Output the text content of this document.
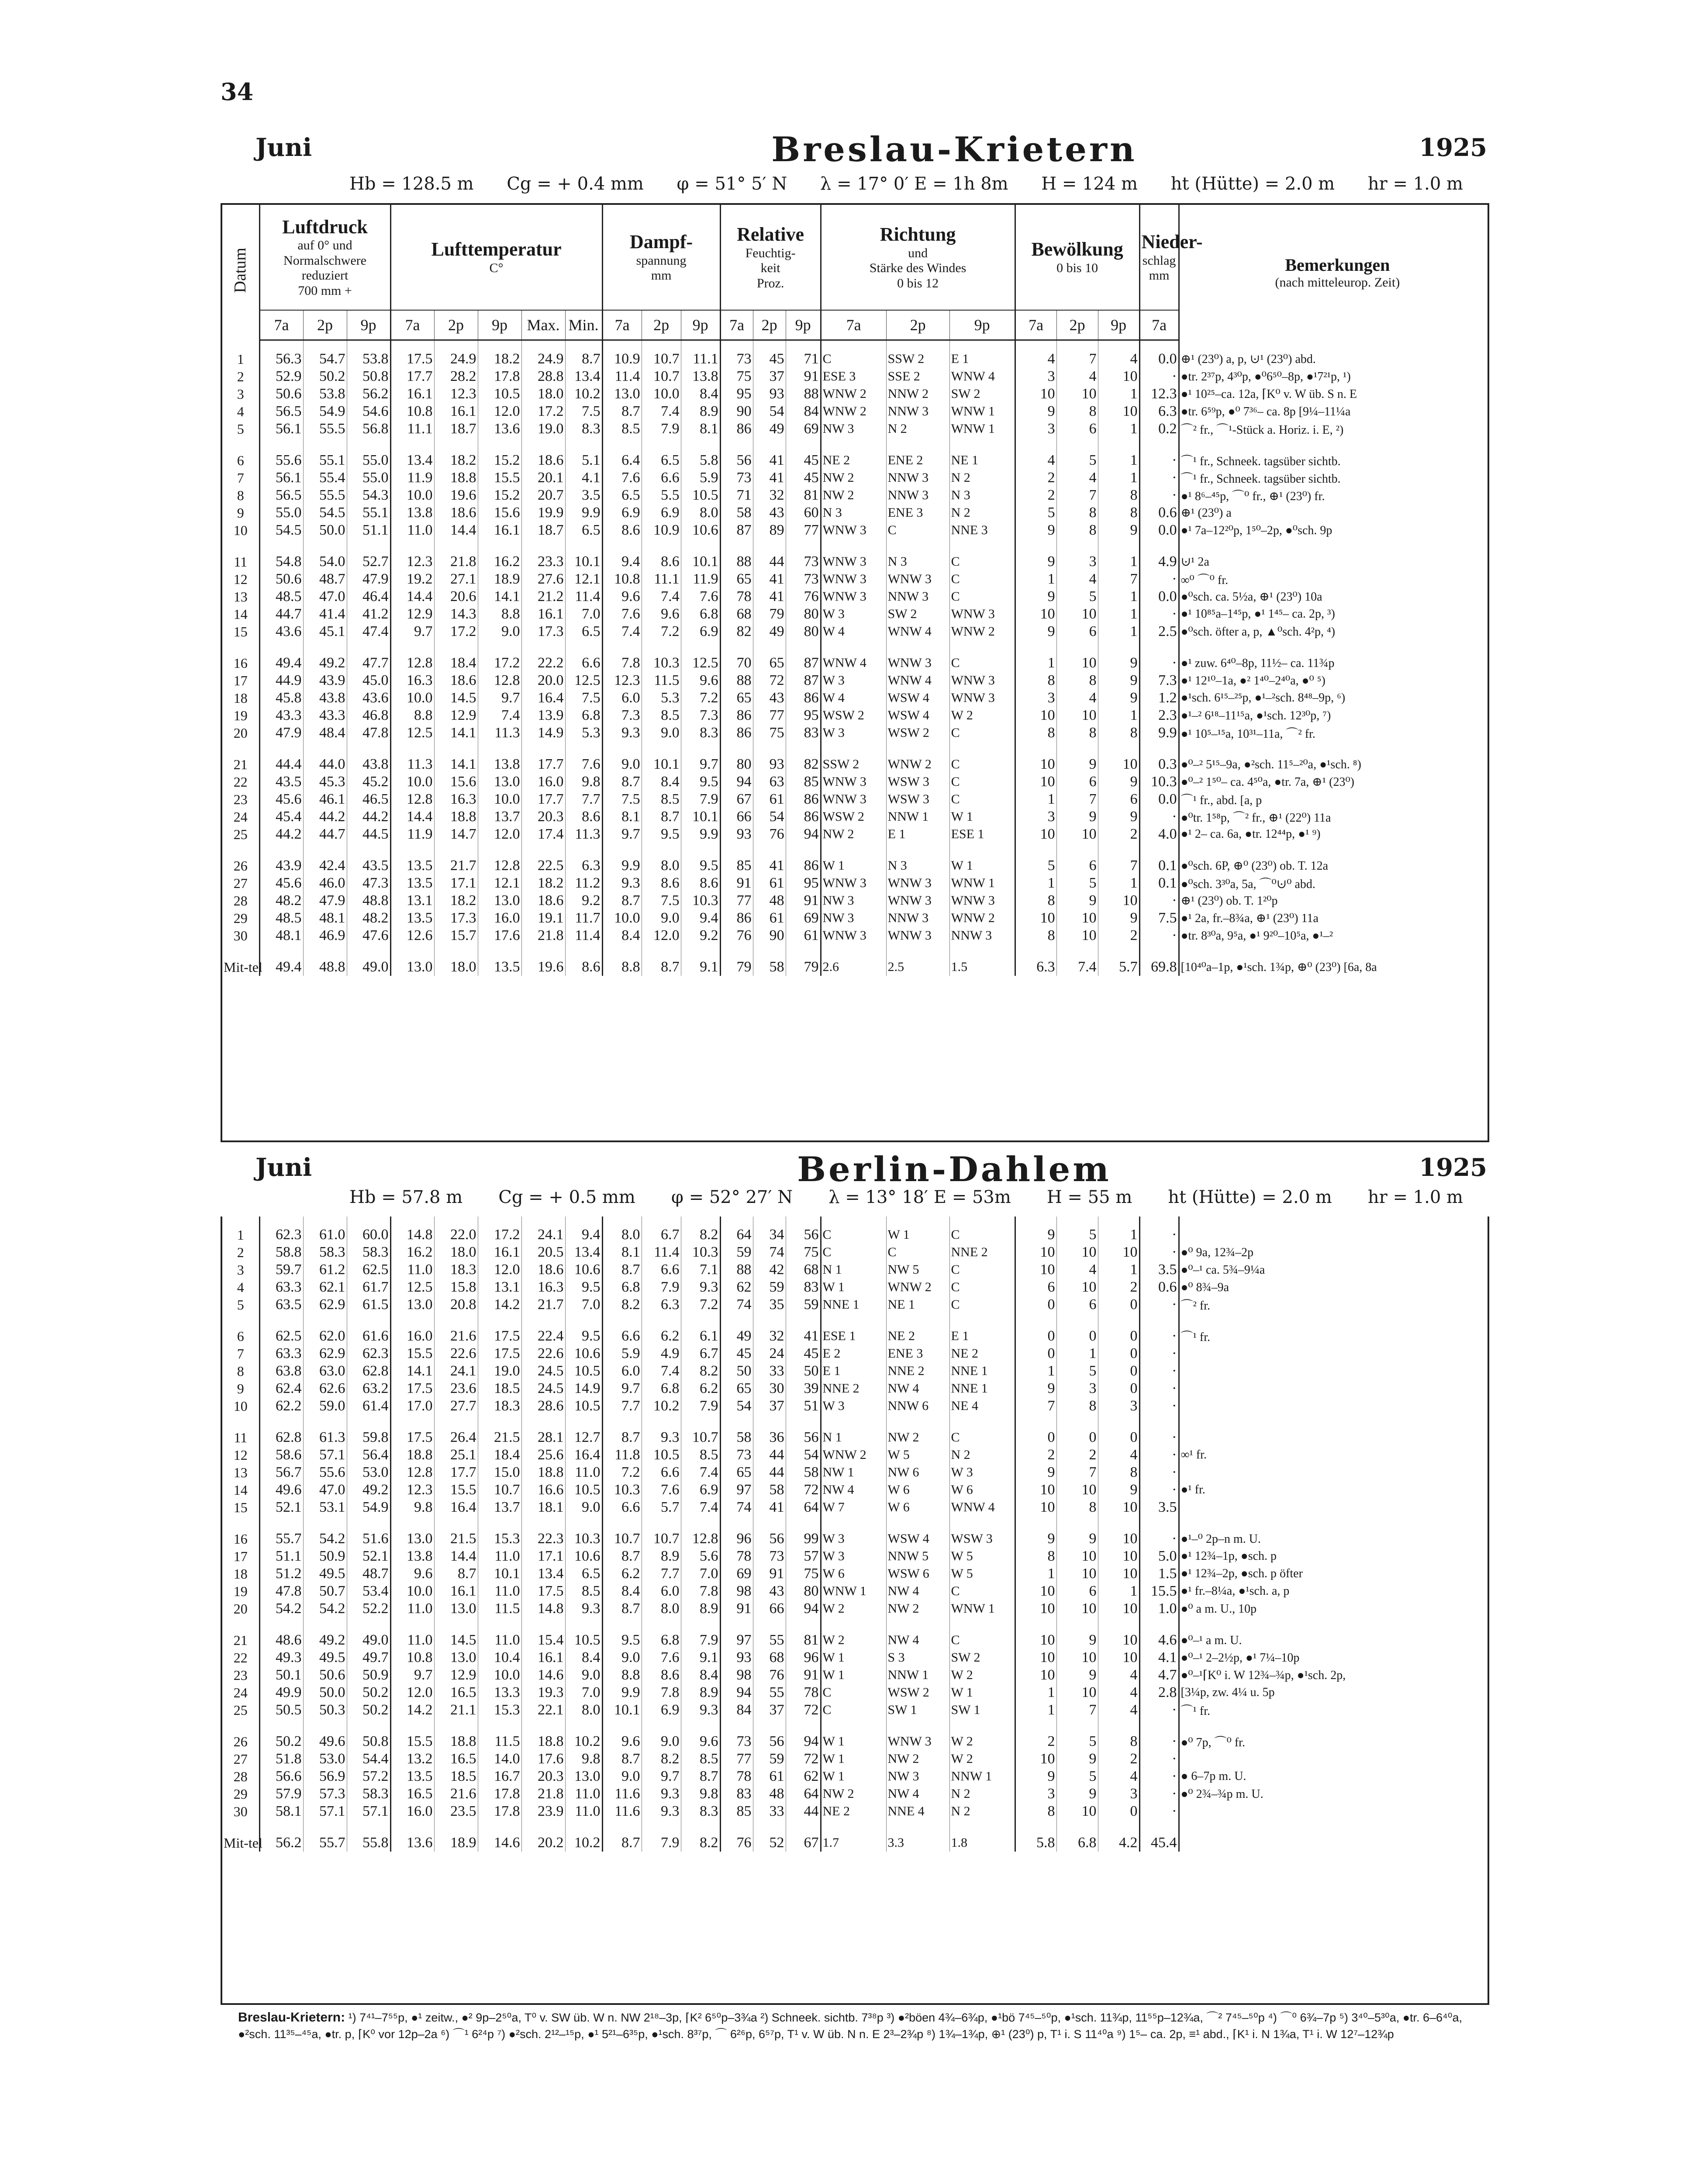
34
Juni	Breslau-Krietern	1925
Hb = 128.5 m Cg = + 0.4 mm φ = 51° 5′ N λ = 17° 0′ E = 1h 8m H = 124 m ht (Hütte) = 2.0 m hr = 1.0 m
Datum	Luftdruck
auf 0° und
Normalschwere
reduziert
700 mm +			Lufttemperatur
C°					Dampf-
spannung
mm			Relative
Feuchtig-
keit
Proz.			Richtung
und
Stärke des Windes
0 bis 12			Bewölkung
0 bis 10			Nieder-
schlag
mm	Bemerkungen
(nach mitteleurop. Zeit)

	7a	2p	9p	7a	2p	9p	Max.	Min.	7a	2p	9p	7a	2p	9p	7a	2p	9p	7a	2p	9p	7a	

1	56.3	54.7	53.8	17.5	24.9	18.2	24.9	8.7	10.9	10.7	11.1	73	45	71	C	SSW 2	E 1	4	7	4	0.0	⊕¹ (23⁰) a, p, ⊍¹ (23⁰) abd.
2	52.9	50.2	50.8	17.7	28.2	17.8	28.8	13.4	11.4	10.7	13.8	75	37	91	ESE 3	SSE 2	WNW 4	3	4	10	·	●tr. 2³⁷p, 4³⁰p, ●⁰6⁵⁰–8p, ●¹7²¹p, ¹)
3	50.6	53.8	56.2	16.1	12.3	10.5	18.0	10.2	13.0	10.0	8.4	95	93	88	WNW 2	NNW 2	SW 2	10	10	1	12.3	●¹ 10²⁵–ca. 12a, ⌈K⁰ v. W üb. S n. E
4	56.5	54.9	54.6	10.8	16.1	12.0	17.2	7.5	8.7	7.4	8.9	90	54	84	WNW 2	NNW 3	WNW 1	9	8	10	6.3	●tr. 6⁵⁹p, ●⁰ 7³⁶– ca. 8p [9¼–11¼a
5	56.1	55.5	56.8	11.1	18.7	13.6	19.0	8.3	8.5	7.9	8.1	86	49	69	NW 3	N 2	WNW 1	3	6	1	0.2	⌒² fr., ⌒¹-Stück a. Horiz. i. E, ²)

6	55.6	55.1	55.0	13.4	18.2	15.2	18.6	5.1	6.4	6.5	5.8	56	41	45	NE 2	ENE 2	NE 1	4	5	1	·	⌒¹ fr., Schneek. tagsüber sichtb.
7	56.1	55.4	55.0	11.9	18.8	15.5	20.1	4.1	7.6	6.6	5.9	73	41	45	NW 2	NNW 3	N 2	2	4	1	·	⌒¹ fr., Schneek. tagsüber sichtb.
8	56.5	55.5	54.3	10.0	19.6	15.2	20.7	3.5	6.5	5.5	10.5	71	32	81	NW 2	NNW 3	N 3	2	7	8	·	●¹ 8⁶–⁴⁵p, ⌒⁰ fr., ⊕¹ (23⁰) fr.
9	55.0	54.5	55.1	13.8	18.6	15.6	19.9	9.9	6.9	6.9	8.0	58	43	60	N 3	ENE 3	N 2	5	8	8	0.6	⊕¹ (23⁰) a
10	54.5	50.0	51.1	11.0	14.4	16.1	18.7	6.5	8.6	10.9	10.6	87	89	77	WNW 3	C	NNE 3	9	8	9	0.0	●¹ 7a–12²⁰p, 1⁵⁰–2p, ●⁰sch. 9p

11	54.8	54.0	52.7	12.3	21.8	16.2	23.3	10.1	9.4	8.6	10.1	88	44	73	WNW 3	N 3	C	9	3	1	4.9	⊍¹ 2a
12	50.6	48.7	47.9	19.2	27.1	18.9	27.6	12.1	10.8	11.1	11.9	65	41	73	WNW 3	WNW 3	C	1	4	7	·	∞⁰ ⌒⁰ fr.
13	48.5	47.0	46.4	14.4	20.6	14.1	21.2	11.4	9.6	7.4	7.6	78	41	76	WNW 3	NNW 3	C	9	5	1	0.0	●⁰sch. ca. 5½a, ⊕¹ (23⁰) 10a
14	44.7	41.4	41.2	12.9	14.3	8.8	16.1	7.0	7.6	9.6	6.8	68	79	80	W 3	SW 2	WNW 3	10	10	1	·	●¹ 10⁸⁵a–1⁴⁵p, ●¹ 1⁴⁵– ca. 2p, ³)
15	43.6	45.1	47.4	9.7	17.2	9.0	17.3	6.5	7.4	7.2	6.9	82	49	80	W 4	WNW 4	WNW 2	9	6	1	2.5	●⁰sch. öfter a, p, ▲⁰sch. 4²p, ⁴)

16	49.4	49.2	47.7	12.8	18.4	17.2	22.2	6.6	7.8	10.3	12.5	70	65	87	WNW 4	WNW 3	C	1	10	9	·	●¹ zuw. 6⁴⁰–8p, 11½– ca. 11¾p
17	44.9	43.9	45.0	16.3	18.6	12.8	20.0	12.5	12.3	11.5	9.6	88	72	87	W 3	WNW 4	WNW 3	8	8	9	7.3	●¹ 12¹⁰–1a, ●² 1⁴⁰–2⁴⁰a, ●⁰ ⁵)
18	45.8	43.8	43.6	10.0	14.5	9.7	16.4	7.5	6.0	5.3	7.2	65	43	86	W 4	WSW 4	WNW 3	3	4	9	1.2	●¹sch. 6¹⁵–²⁵p, ●¹–²sch. 8⁴⁸–9p, ⁶)
19	43.3	43.3	46.8	8.8	12.9	7.4	13.9	6.8	7.3	8.5	7.3	86	77	95	WSW 2	WSW 4	W 2	10	10	1	2.3	●¹–² 6¹⁸–11¹⁵a, ●¹sch. 12³⁰p, ⁷)
20	47.9	48.4	47.8	12.5	14.1	11.3	14.9	5.3	9.3	9.0	8.3	86	75	83	W 3	WSW 2	C	8	8	8	9.9	●¹ 10⁵–¹⁵a, 10³¹–11a, ⌒² fr.

21	44.4	44.0	43.8	11.3	14.1	13.8	17.7	7.6	9.0	10.1	9.7	80	93	82	SSW 2	WNW 2	C	10	9	10	0.3	●⁰–² 5¹⁵–9a, ●²sch. 11⁵–²⁰a, ●¹sch. ⁸)
22	43.5	45.3	45.2	10.0	15.6	13.0	16.0	9.8	8.7	8.4	9.5	94	63	85	WNW 3	WSW 3	C	10	6	9	10.3	●⁰–² 1⁵⁰– ca. 4⁵⁰a, ●tr. 7a, ⊕¹ (23⁰)
23	45.6	46.1	46.5	12.8	16.3	10.0	17.7	7.7	7.5	8.5	7.9	67	61	86	WNW 3	WSW 3	C	1	7	6	0.0	⌒¹ fr., abd. [a, p
24	45.4	44.2	44.2	14.4	18.8	13.7	20.3	8.6	8.1	8.7	10.1	66	54	86	WSW 2	NNW 1	W 1	3	9	9	·	●⁰tr. 1⁵⁸p, ⌒² fr., ⊕¹ (22⁰) 11a
25	44.2	44.7	44.5	11.9	14.7	12.0	17.4	11.3	9.7	9.5	9.9	93	76	94	NW 2	E 1	ESE 1	10	10	2	4.0	●¹ 2– ca. 6a, ●tr. 12⁴⁴p, ●¹ ⁹)

26	43.9	42.4	43.5	13.5	21.7	12.8	22.5	6.3	9.9	8.0	9.5	85	41	86	W 1	N 3	W 1	5	6	7	0.1	●⁰sch. 6P, ⊕⁰ (23⁰) ob. T. 12a
27	45.6	46.0	47.3	13.5	17.1	12.1	18.2	11.2	9.3	8.6	8.6	91	61	95	WNW 3	WNW 3	WNW 1	1	5	1	0.1	●⁰sch. 3³⁰a, 5a, ⌒⁰⊍⁰ abd.
28	48.2	47.9	48.8	13.1	18.2	13.0	18.6	9.2	8.7	7.5	10.3	77	48	91	NW 3	WNW 3	WNW 3	8	9	10	·	⊕¹ (23⁰) ob. T. 1²⁰p
29	48.5	48.1	48.2	13.5	17.3	16.0	19.1	11.7	10.0	9.0	9.4	86	61	69	NW 3	NNW 3	WNW 2	10	10	9	7.5	●¹ 2a, fr.–8¾a, ⊕¹ (23⁰) 11a
30	48.1	46.9	47.6	12.6	15.7	17.6	21.8	11.4	8.4	12.0	9.2	76	90	61	WNW 3	WNW 3	NNW 3	8	10	2	·	●tr. 8³⁰a, 9⁵a, ●¹ 9²⁰–10⁵a, ●¹–²

Mit-tel	49.4	48.8	49.0	13.0	18.0	13.5	19.6	8.6	8.8	8.7	9.1	79	58	79	2.6	2.5	1.5	6.3	7.4	5.7	69.8	[10⁴⁰a–1p, ●¹sch. 1¾p, ⊕⁰ (23⁰) [6a, 8a
Juni	Berlin-Dahlem	1925
Hb = 57.8 m Cg = + 0.5 mm φ = 52° 27′ N λ = 13° 18′ E = 53m H = 55 m ht (Hütte) = 2.0 m hr = 1.0 m

1	62.3	61.0	60.0	14.8	22.0	17.2	24.1	9.4	8.0	6.7	8.2	64	34	56	C	W 1	C	9	5	1	·	
2	58.8	58.3	58.3	16.2	18.0	16.1	20.5	13.4	8.1	11.4	10.3	59	74	75	C	C	NNE 2	10	10	10	·	●⁰ 9a, 12¾–2p
3	59.7	61.2	62.5	11.0	18.3	12.0	18.6	10.6	8.7	6.6	7.1	88	42	68	N 1	NW 5	C	10	4	1	3.5	●⁰–¹ ca. 5¾–9¼a
4	63.3	62.1	61.7	12.5	15.8	13.1	16.3	9.5	6.8	7.9	9.3	62	59	83	W 1	WNW 2	C	6	10	2	0.6	●⁰ 8¾–9a
5	63.5	62.9	61.5	13.0	20.8	14.2	21.7	7.0	8.2	6.3	7.2	74	35	59	NNE 1	NE 1	C	0	6	0	·	⌒² fr.

6	62.5	62.0	61.6	16.0	21.6	17.5	22.4	9.5	6.6	6.2	6.1	49	32	41	ESE 1	NE 2	E 1	0	0	0	·	⌒¹ fr.
7	63.3	62.9	62.3	15.5	22.6	17.5	22.6	10.6	5.9	4.9	6.7	45	24	45	E 2	ENE 3	NE 2	0	1	0	·	
8	63.8	63.0	62.8	14.1	24.1	19.0	24.5	10.5	6.0	7.4	8.2	50	33	50	E 1	NNE 2	NNE 1	1	5	0	·	
9	62.4	62.6	63.2	17.5	23.6	18.5	24.5	14.9	9.7	6.8	6.2	65	30	39	NNE 2	NW 4	NNE 1	9	3	0	·	
10	62.2	59.0	61.4	17.0	27.7	18.3	28.6	10.5	7.7	10.2	7.9	54	37	51	W 3	NNW 6	NE 4	7	8	3	·	

11	62.8	61.3	59.8	17.5	26.4	21.5	28.1	12.7	8.7	9.3	10.7	58	36	56	N 1	NW 2	C	0	0	0	·	
12	58.6	57.1	56.4	18.8	25.1	18.4	25.6	16.4	11.8	10.5	8.5	73	44	54	WNW 2	W 5	N 2	2	2	4	·	∞¹ fr.
13	56.7	55.6	53.0	12.8	17.7	15.0	18.8	11.0	7.2	6.6	7.4	65	44	58	NW 1	NW 6	W 3	9	7	8	·	
14	49.6	47.0	49.2	12.3	15.5	10.7	16.6	10.5	10.3	7.6	6.9	97	58	72	NW 4	W 6	W 6	10	10	9	·	●¹ fr.
15	52.1	53.1	54.9	9.8	16.4	13.7	18.1	9.0	6.6	5.7	7.4	74	41	64	W 7	W 6	WNW 4	10	8	10	3.5	

16	55.7	54.2	51.6	13.0	21.5	15.3	22.3	10.3	10.7	10.7	12.8	96	56	99	W 3	WSW 4	WSW 3	9	9	10	·	●¹–⁰ 2p–n m. U.
17	51.1	50.9	52.1	13.8	14.4	11.0	17.1	10.6	8.7	8.9	5.6	78	73	57	W 3	NNW 5	W 5	8	10	10	5.0	●¹ 12¾–1p, ●sch. p
18	51.2	49.5	48.7	9.6	8.7	10.1	13.4	6.5	6.2	7.7	7.0	69	91	75	W 6	WSW 6	W 5	1	10	10	1.5	●¹ 12¾–2p, ●sch. p öfter
19	47.8	50.7	53.4	10.0	16.1	11.0	17.5	8.5	8.4	6.0	7.8	98	43	80	WNW 1	NW 4	C	10	6	1	15.5	●¹ fr.–8¼a, ●¹sch. a, p
20	54.2	54.2	52.2	11.0	13.0	11.5	14.8	9.3	8.7	8.0	8.9	91	66	94	W 2	NW 2	WNW 1	10	10	10	1.0	●⁰ a m. U., 10p

21	48.6	49.2	49.0	11.0	14.5	11.0	15.4	10.5	9.5	6.8	7.9	97	55	81	W 2	NW 4	C	10	9	10	4.6	●⁰–¹ a m. U.
22	49.3	49.5	49.7	10.8	13.0	10.4	16.1	8.4	9.0	7.6	9.1	93	68	96	W 1	S 3	SW 2	10	10	10	4.1	●⁰–¹ 2–2½p, ●¹ 7¼–10p
23	50.1	50.6	50.9	9.7	12.9	10.0	14.6	9.0	8.8	8.6	8.4	98	76	91	W 1	NNW 1	W 2	10	9	4	4.7	●⁰–¹⌈K⁰ i. W 12¾–¾p, ●¹sch. 2p,
24	49.9	50.0	50.2	12.0	16.5	13.3	19.3	7.0	9.9	7.8	8.9	94	55	78	C	WSW 2	W 1	1	10	4	2.8	[3¼p, zw. 4¼ u. 5p
25	50.5	50.3	50.2	14.2	21.1	15.3	22.1	8.0	10.1	6.9	9.3	84	37	72	C	SW 1	SW 1	1	7	4	·	⌒¹ fr.

26	50.2	49.6	50.8	15.5	18.8	11.5	18.8	10.2	9.6	9.0	9.6	73	56	94	W 1	WNW 3	W 2	2	5	8	·	●⁰ 7p, ⌒⁰ fr.
27	51.8	53.0	54.4	13.2	16.5	14.0	17.6	9.8	8.7	8.2	8.5	77	59	72	W 1	NW 2	W 2	10	9	2	·	
28	56.6	56.9	57.2	13.5	18.5	16.7	20.3	13.0	9.0	9.7	8.7	78	61	62	W 1	NW 3	NNW 1	9	5	4	·	● 6–7p m. U.
29	57.9	57.3	58.3	16.5	21.6	17.8	21.8	11.0	11.6	9.3	9.8	83	48	64	NW 2	NW 4	N 2	3	9	3	·	●⁰ 2¾–¾p m. U.
30	58.1	57.1	57.1	16.0	23.5	17.8	23.9	11.0	11.6	9.3	8.3	85	33	44	NE 2	NNE 4	N 2	8	10	0	·	

Mit-tel	56.2	55.7	55.8	13.6	18.9	14.6	20.2	10.2	8.7	7.9	8.2	76	52	67	1.7	3.3	1.8	5.8	6.8	4.2	45.4	
Breslau-Krietern: ¹) 7⁴¹–7⁵⁵p, ●¹ zeitw., ●² 9p–2⁵⁰a, T⁰ v. SW üb. W n. NW 2¹⁸–3p, ⌈K² 6⁵⁰p–3¾a ²) Schneek. sichtb. 7³⁸p ³) ●²böen 4¾–6¾p, ●¹bö 7⁴⁵–⁵⁰p, ●¹sch. 11¾p, 11⁵⁵p–12¾a, ⌒² 7⁴⁵–⁵⁰p ⁴) ⌒⁰ 6¾–7p ⁵) 3⁴⁰–5³⁰a, ●tr. 6–6⁴⁰a, ●²sch. 11³⁵–⁴⁵a, ●tr. p, ⌈K⁰ vor 12p–2a ⁶) ⌒¹ 6²⁴p ⁷) ●²sch. 2¹²–¹⁵p, ●¹ 5²¹–6³⁵p, ●¹sch. 8³⁷p, ⌒ 6²⁶p, 6⁵⁷p, T¹ v. W üb. N n. E 2³–2¾p ⁸) 1¾–1¾p, ⊕¹ (23⁰) p, T¹ i. S 11⁴⁰a ⁹) 1⁵– ca. 2p, ≡¹ abd., ⌈K¹ i. N 1¾a, T¹ i. W 12⁷–12¾p
